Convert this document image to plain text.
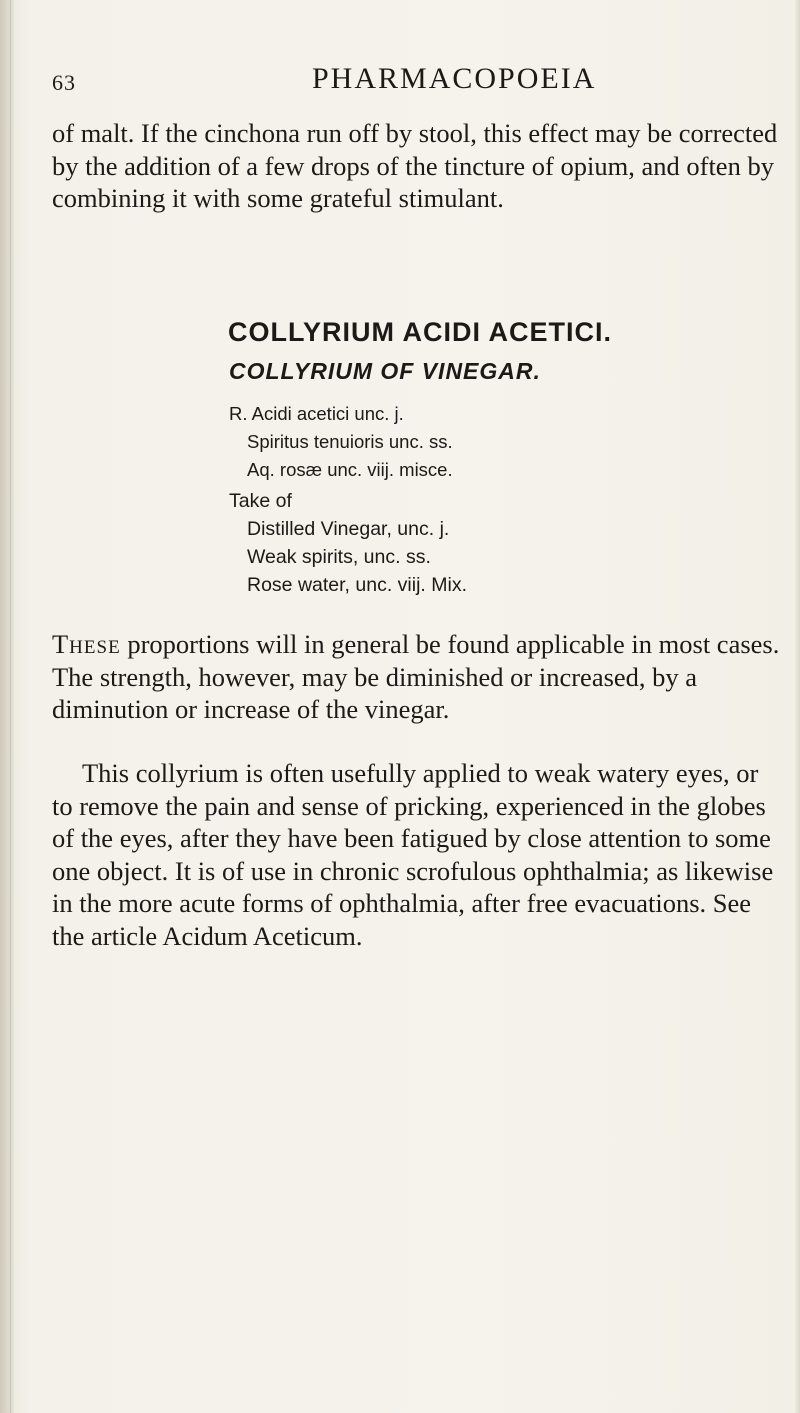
63	PHARMACOPOEIA

of malt. If the cinchona run off by stool, this effect may be corrected by the addition of a few drops of the tincture of opium, and often by combining it with some grateful stimulant.

COLLYRIUM ACIDI ACETICI.
COLLYRIUM OF VINEGAR.
R. Acidi acetici unc. j.
Spiritus tenuioris unc. ss.
Aq. rosæ unc. viij. misce.
Take of
Distilled Vinegar, unc. j.
Weak spirits, unc. ss.
Rose water, unc. viij. Mix.

These proportions will in general be found applicable in most cases. The strength, however, may be diminished or increased, by a diminution or increase of the vinegar.

This collyrium is often usefully applied to weak watery eyes, or to remove the pain and sense of pricking, experienced in the globes of the eyes, after they have been fatigued by close attention to some one object. It is of use in chronic scrofulous ophthalmia; as likewise in the more acute forms of ophthalmia, after free evacuations. See the article Acidum Aceticum.
